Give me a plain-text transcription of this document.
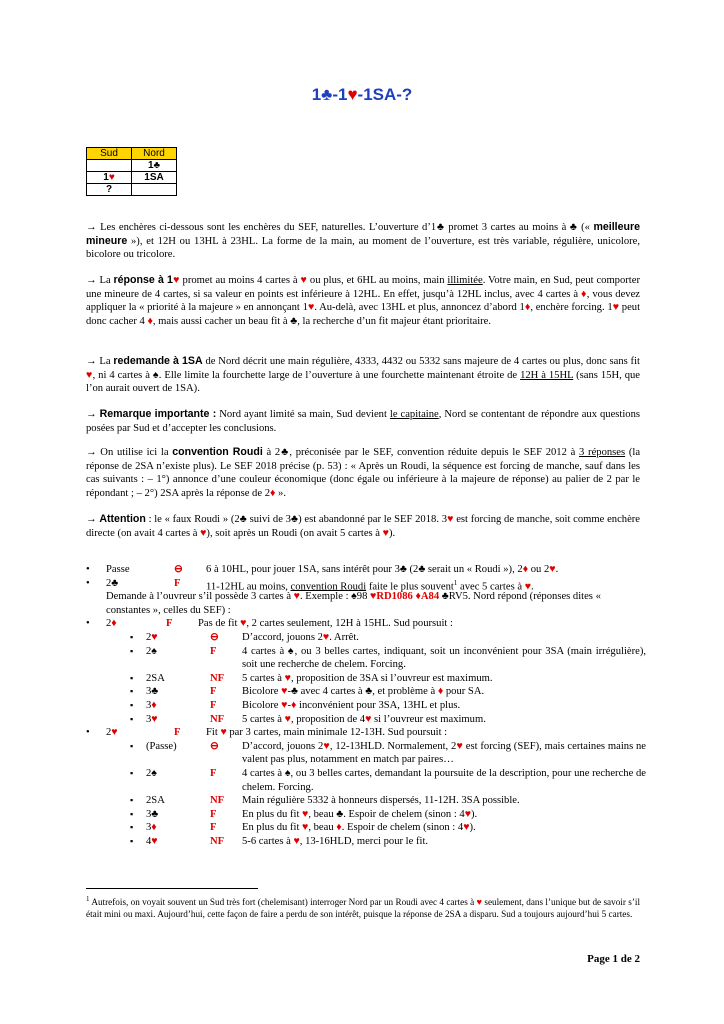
1♣-1♥-1SA-?
Sud	Nord
	1♣
1♥	1SA
?	
→ Les enchères ci-dessous sont les enchères du SEF, naturelles. L’ouverture d’1♣ promet 3 cartes au moins à ♣ (« meilleure mineure »), et 12H ou 13HL à 23HL. La forme de la main, au moment de l’ouverture, est très variable, régulière, unicolore, bicolore ou tricolore.
→ La réponse à 1♥ promet au moins 4 cartes à ♥ ou plus, et 6HL au moins, main illimitée. Votre main, en Sud, peut comporter une mineure de 4 cartes, si sa valeur en points est inférieure à 12HL. En effet, jusqu’à 12HL inclus, avec 4 cartes à ♦, vous devez appliquer la « priorité à la majeure » en annonçant 1♥. Au-delà, avec 13HL et plus, annoncez d’abord 1♦, enchère forcing. 1♥ peut donc cacher 4 ♦, mais aussi cacher un beau fit à ♣, la recherche d’un fit majeur étant prioritaire.
→ La redemande à 1SA de Nord décrit une main régulière, 4333, 4432 ou 5332 sans majeure de 4 cartes ou plus, donc sans fit ♥, ni 4 cartes à ♠. Elle limite la fourchette large de l’ouverture à une fourchette maintenant étroite de 12H à 15HL (sans 15H, que l’on aurait ouvert de 1SA).
→ Remarque importante : Nord ayant limité sa main, Sud devient le capitaine, Nord se contentant de répondre aux questions posées par Sud et d’accepter les conclusions.
→ On utilise ici la convention Roudi à 2♣, préconisée par le SEF, convention réduite depuis le SEF 2012 à 3 réponses (la réponse de 2SA n’existe plus). Le SEF 2018 précise (p. 53) : « Après un Roudi, la séquence est forcing de manche, sauf dans les cas suivants : – 1°) annonce d’une couleur économique (donc égale ou inférieure à la majeure de réponse) au palier de 2 par le répondant ; – 2°) 2SA après la réponse de 2♦ ».
→ Attention : le « faux Roudi » (2♣ suivi de 3♣) est abandonné par le SEF 2018. 3♥ est forcing de manche, soit comme enchère directe (on avait 4 cartes à ♥), soit après un Roudi (on avait 5 cartes à ♥).
• Passe	⊖ 6 à 10HL, pour jouer 1SA, sans intérêt pour 3♣ (2♣ serait un « Roudi »), 2♦ ou 2♥.
• 2♣	F 11-12HL au moins, convention Roudi faite le plus souvent$^1$ avec 5 cartes à ♥.
Demande à l’ouvreur s’il possède 3 cartes à ♥. Exemple : ♠98 ♥RD1086 ♦A84 ♣RV5. Nord répond (réponses dites « constantes », celles du SEF) :
• 2♦	F Pas de fit ♥, 2 cartes seulement, 12H à 15HL. Sud poursuit :
▪ 2♥	⊖ D’accord, jouons 2♥. Arrêt.
▪ 2♠	F 4 cartes à ♠, ou 3 belles cartes, indiquant, soit un inconvénient pour 3SA (main irrégulière), soit une recherche de chelem. Forcing.
▪ 2SA	NF 5 cartes à ♥, proposition de 3SA si l’ouvreur est maximum.
▪ 3♣	F Bicolore ♥-♣ avec 4 cartes à ♣, et problème à ♦ pour SA.
▪ 3♦	F Bicolore ♥-♦ inconvénient pour 3SA, 13HL et plus.
▪ 3♥	NF 5 cartes à ♥, proposition de 4♥ si l’ouvreur est maximum.
• 2♥	F Fit ♥ par 3 cartes, main minimale 12-13H. Sud poursuit :
▪ (Passe)	⊖ D’accord, jouons 2♥, 12-13HLD. Normalement, 2♥ est forcing (SEF), mais certaines mains ne valent pas plus, notamment en match par paires…
▪ 2♠	F 4 cartes à ♠, ou 3 belles cartes, demandant la poursuite de la description, pour une recherche de chelem. Forcing.
▪ 2SA	NF Main régulière 5332 à honneurs dispersés, 11-12H. 3SA possible.
▪ 3♣	F En plus du fit ♥, beau ♣. Espoir de chelem (sinon : 4♥).
▪ 3♦	F En plus du fit ♥, beau ♦. Espoir de chelem (sinon : 4♥).
▪ 4♥	NF 5-6 cartes à ♥, 13-16HLD, merci pour le fit.
$^1$ Autrefois, on voyait souvent un Sud très fort (chelemisant) interroger Nord par un Roudi avec 4 cartes à ♥ seulement, dans l’unique but de savoir s’il était mini ou maxi. Aujourd’hui, cette façon de faire a perdu de son intérêt, puisque la réponse de 2SA a disparu. Sud a toujours aujourd’hui 5 cartes.
Page 1 de 2
